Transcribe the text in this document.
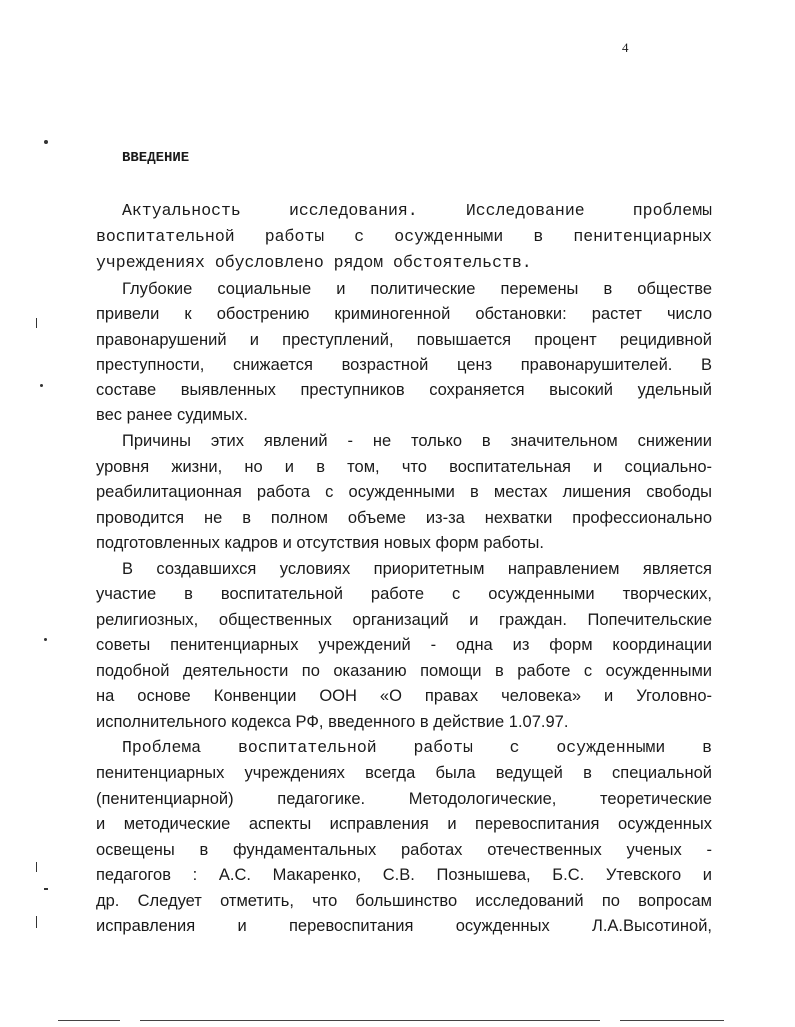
4
ВВЕДЕНИЕ
Актуальность исследования. Исследование проблемы
воспитательной работы с осужденными в пенитенциарных
учреждениях обусловлено рядом обстоятельств.
Глубокие социальные и политические перемены в обществе
привели к обострению криминогенной обстановки: растет число
правонарушений и преступлений, повышается процент рецидивной
преступности, снижается возрастной ценз правонарушителей. В
составе выявленных преступников сохраняется высокий удельный
вес ранее судимых.
Причины этих явлений - не только в значительном снижении
уровня жизни, но и в том, что воспитательная и социально-
реабилитационная работа с осужденными в местах лишения свободы
проводится не в полном объеме из-за нехватки профессионально
подготовленных кадров и отсутствия новых форм работы.
В создавшихся условиях приоритетным направлением является
участие в воспитательной работе с осужденными творческих,
религиозных, общественных организаций и граждан. Попечительские
советы пенитенциарных учреждений - одна из форм координации
подобной деятельности по оказанию помощи в работе с осужденными
на основе Конвенции ООН «О правах человека» и Уголовно-
исполнительного кодекса РФ, введенного в действие 1.07.97.
Проблема воспитательной работы с осужденными в
пенитенциарных учреждениях всегда была ведущей в специальной
(пенитенциарной) педагогике. Методологические, теоретические
и методические аспекты исправления и перевоспитания осужденных
освещены в фундаментальных работах отечественных ученых -
педагогов : А.С. Макаренко, С.В. Познышева, Б.С. Утевского и
др. Следует отметить, что большинство исследований по вопросам
исправления и перевоспитания осужденных Л.А.Высотиной,
